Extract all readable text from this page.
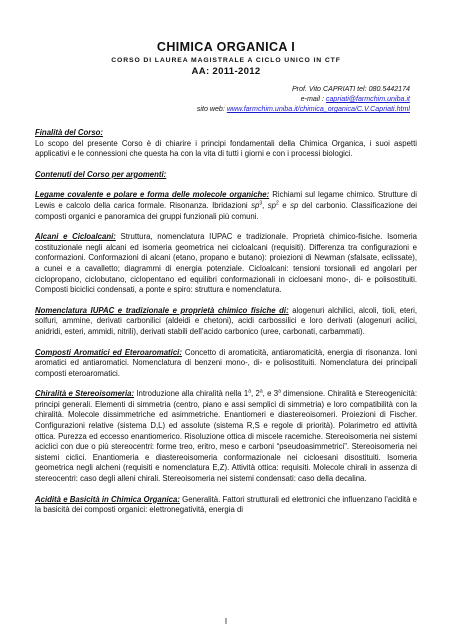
CHIMICA ORGANICA I
CORSO DI LAUREA MAGISTRALE A CICLO UNICO IN CTF
AA: 2011-2012
Prof. Vito CAPRIATI tel: 080.5442174
e-mail : capriati@farmchim.uniba.it
sito web: www.farmchim.uniba.it/chimica_organica/C.V.Capriati.html

Finalità del Corso:

Lo scopo del presente Corso è di chiarire i principi fondamentali della Chimica Organica, i suoi aspetti applicativi e le connessioni che questa ha con la vita di tutti i giorni e con i processi biologici.

Contenuti del Corso per argomenti:

Legame covalente e polare e forma delle molecole organiche: Richiami sul legame chimico. Strutture di Lewis e calcolo della carica formale. Risonanza. Ibridazioni $sp^3$, $sp^2$ e sp del carbonio. Classificazione dei composti organici e panoramica dei gruppi funzionali più comuni.

Alcani e Cicloalcani: Struttura, nomenclatura IUPAC e tradizionale. Proprietà chimico-fisiche. Isomeria costituzionale negli alcani ed isomeria geometrica nei cicloalcani (requisiti). Differenza tra configurazioni e conformazioni. Conformazioni di alcani (etano, propano e butano): proiezioni di Newman (sfalsate, eclissate), a cunei e a cavalletto; diagrammi di energia potenziale. Cicloalcani: tensioni torsionali ed angolari per ciclopropano, ciclobutano, ciclopentano ed equilibri conformazionali in cicloesani mono-, di- e polisostituiti. Composti biciclici condensati, a ponte e spiro: struttura e nomenclatura.

Nomenclatura IUPAC e tradizionale e proprietà chimico fisiche di: alogenuri alchilici, alcoli, tioli, eteri, solfuri, ammine, derivati carbonilici (aldeidi e chetoni), acidi carbossilici e loro derivati (alogenuri acilici, anidridi, esteri, ammidi, nitrili), derivati stabili dell’acido carbonico (uree, carbonati, carbammati).

Composti Aromatici ed Eteroaromatici: Concetto di aromaticità, antiaromaticità, energia di risonanza. Ioni aromatici ed antiaromatici. Nomenclatura di benzeni mono-, di- e polisostituiti. Nomenclatura dei principali composti eteroaromatici.

Chiralità e Stereoisomeria: Introduzione alla chiralità nella 1$^a$, 2$^a$, e 3$^a$ dimensione. Chiralità e Stereogenicità: principi generali. Elementi di simmetria (centro, piano e assi semplici di simmetria) e loro compatibilità con la chiralità. Molecole dissimmetriche ed asimmetriche. Enantiomeri e diastereoisomeri. Proiezioni di Fischer. Configurazioni relative (sistema D,L) ed assolute (sistema R,S e regole di priorità). Polarimetro ed attività ottica. Purezza ed eccesso enantiomerico. Risoluzione ottica di miscele racemiche. Stereoisomeria nei sistemi aciclici con due o più stereocentri: forme treo, eritro, meso e carboni “pseudoasimmetrici”. Stereoisomeria nei sistemi ciclici. Enantiomeria e diastereoisomeria conformazionale nei cicloesani disostituiti. Isomeria geometrica negli alcheni (requisiti e nomenclatura E,Z). Attività ottica: requisiti. Molecole chirali in assenza di stereocentri: caso degli alleni chirali. Stereoisomeria nei sistemi condensati: caso della decalina.

Acidità e Basicità in Chimica Organica: Generalità. Fattori strutturali ed elettronici che influenzano l’acidità e la basicità dei composti organici: elettronegatività, energia di

I
